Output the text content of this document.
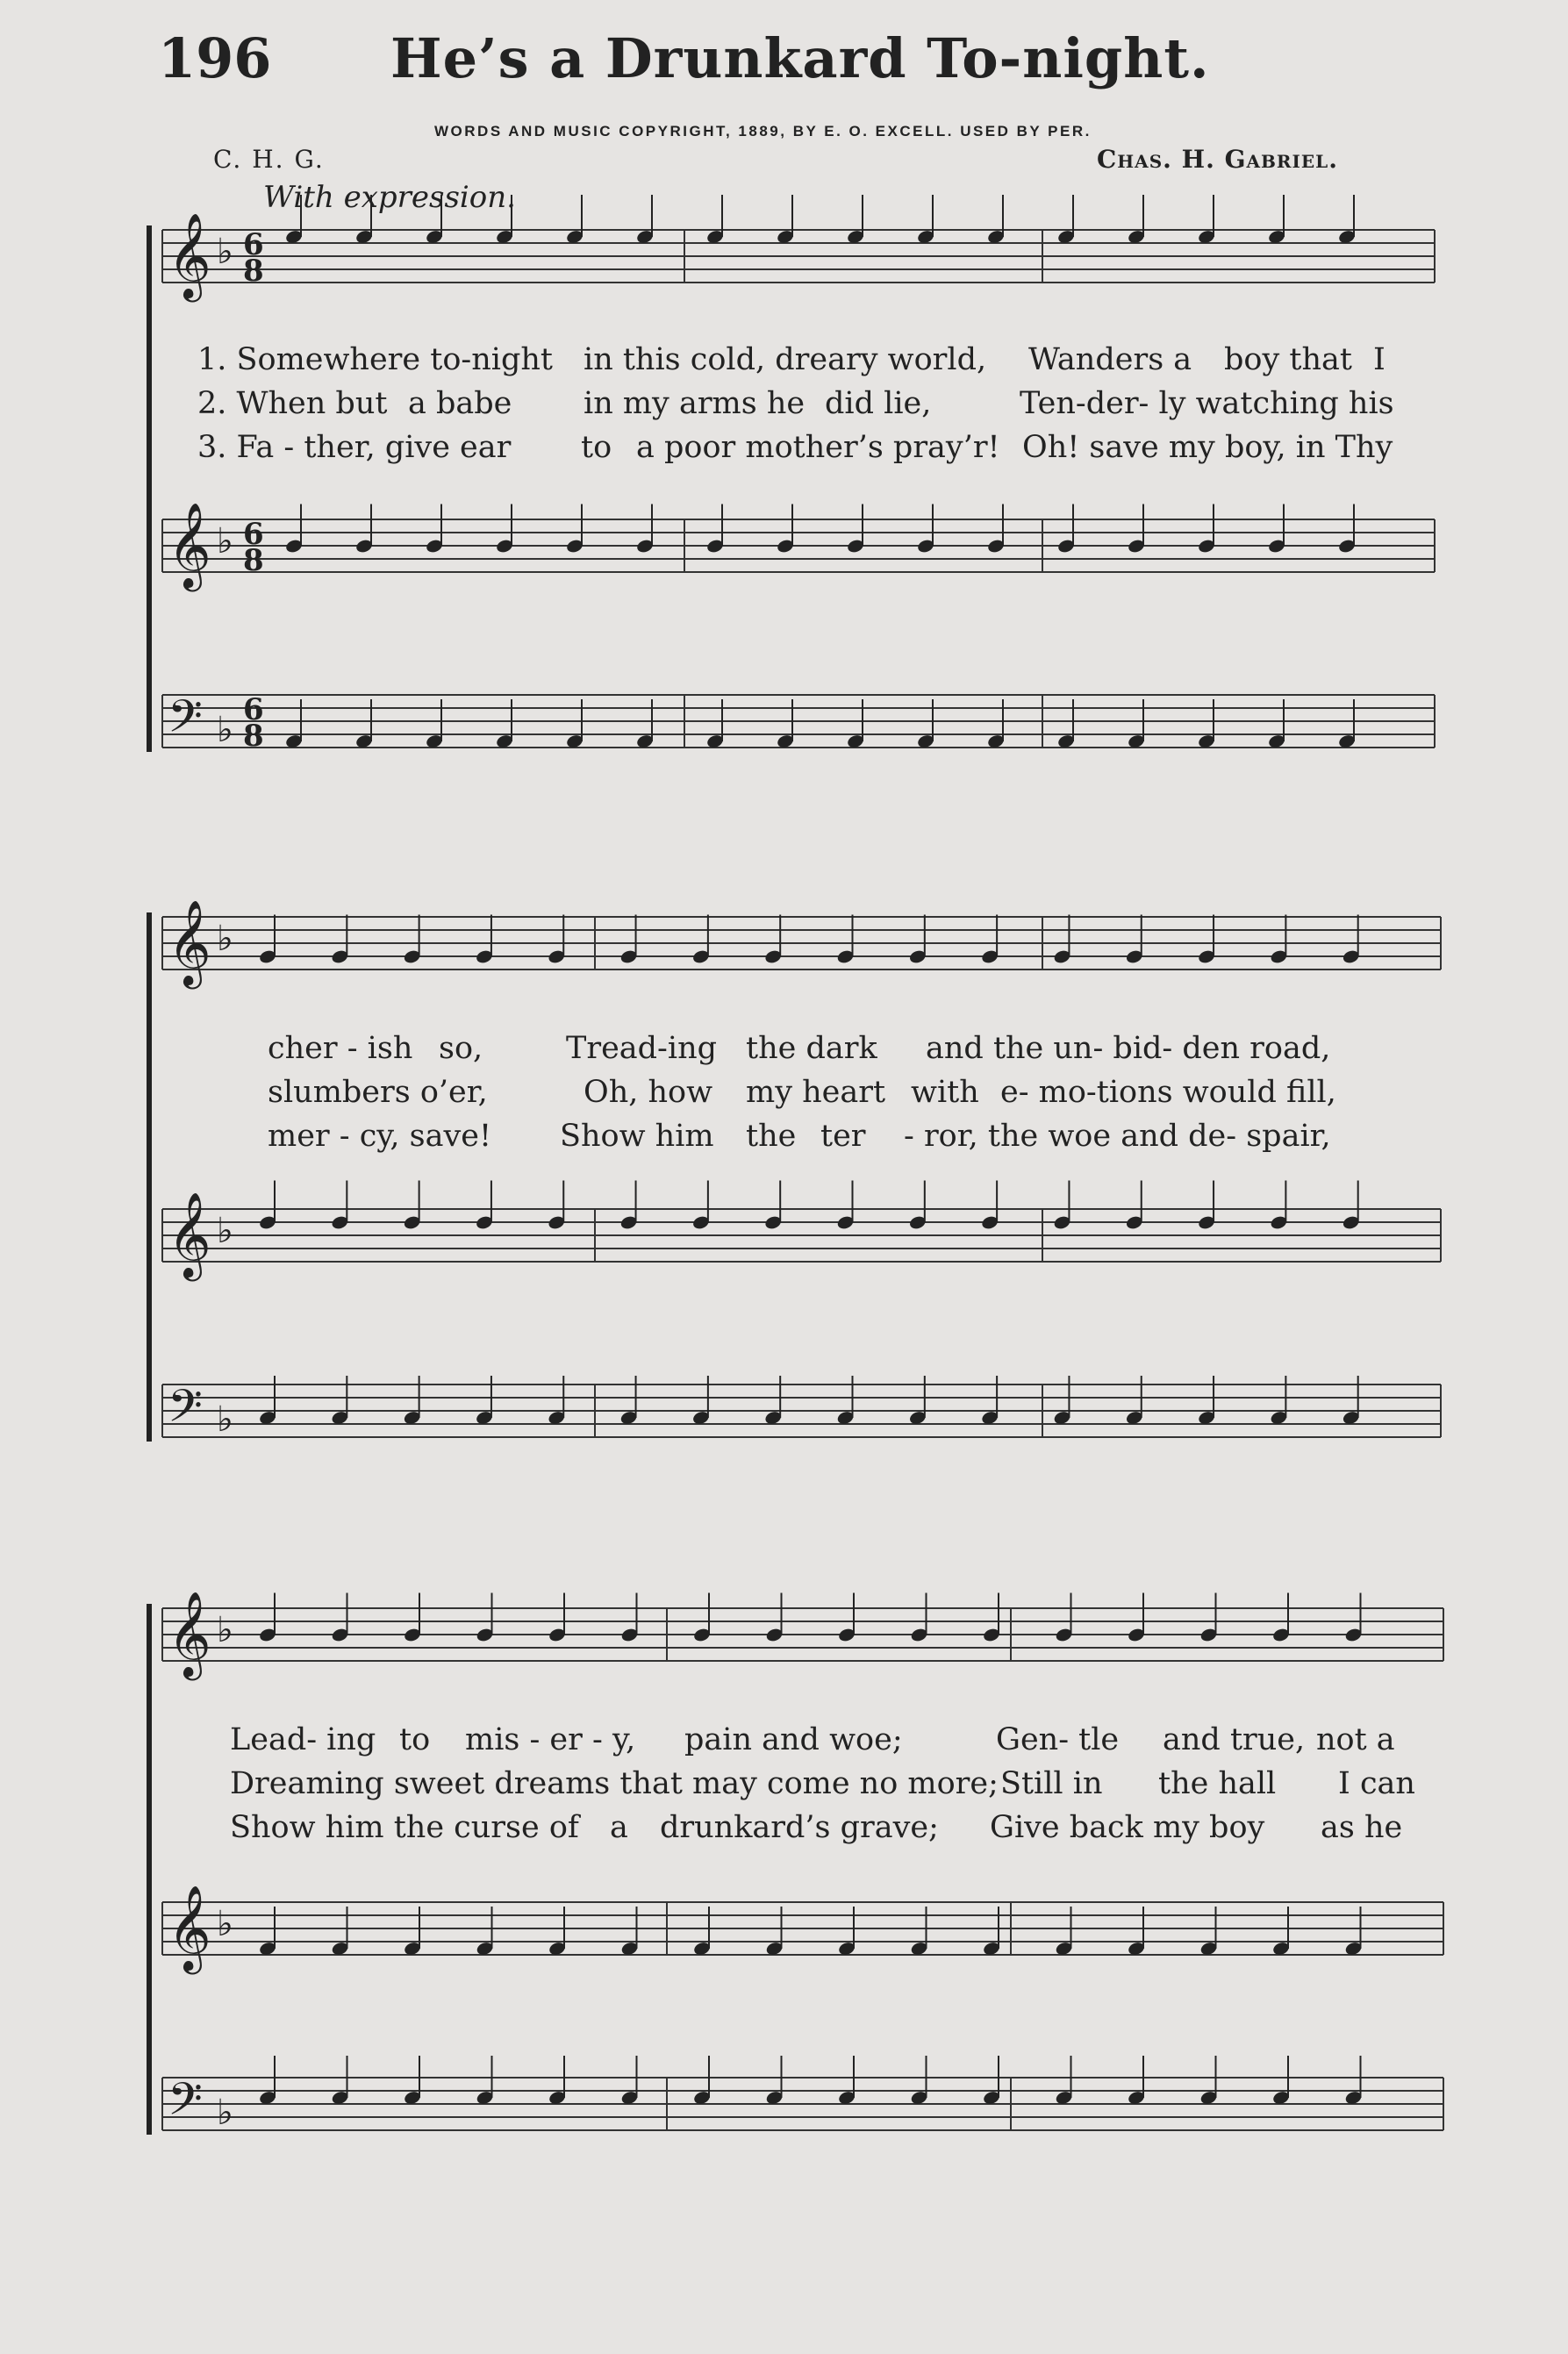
196 He’s a Drunkard To-night.
WORDS AND MUSIC COPYRIGHT, 1889, BY E. O. EXCELL. USED BY PER.
C. H. G.	Chas. H. Gabriel.
With expression.
𝄞 ♭ 6
8
𝄞 ♭ 6
8
𝄢 ♭ 6
8
𝄞 ♭
𝄞 ♭
𝄢 ♭
𝄞 ♭
𝄞 ♭
𝄢 ♭
1. Somewhere to-night in this cold, dreary world, Wanders a boy that I
2. When but a babe in my arms he did lie,	Ten-der- ly watching his
3. Fa - ther, give ear to a poor mother’s pray’r! Oh! save my boy, in Thy
cher - ish so,	Tread-ing the dark and the un- bid- den road,
slumbers o’er,	Oh, how my heart with e- mo-tions would fill,
mer - cy, save! Show him the ter - ror, the woe and de- spair,
Lead- ing to mis - er - y, pain and woe;	Gen- tle and true, not a
Dreaming sweet dreams that may come no more; Still in the hall I can
Show him the curse of a drunkard’s grave; Give back my boy as he
